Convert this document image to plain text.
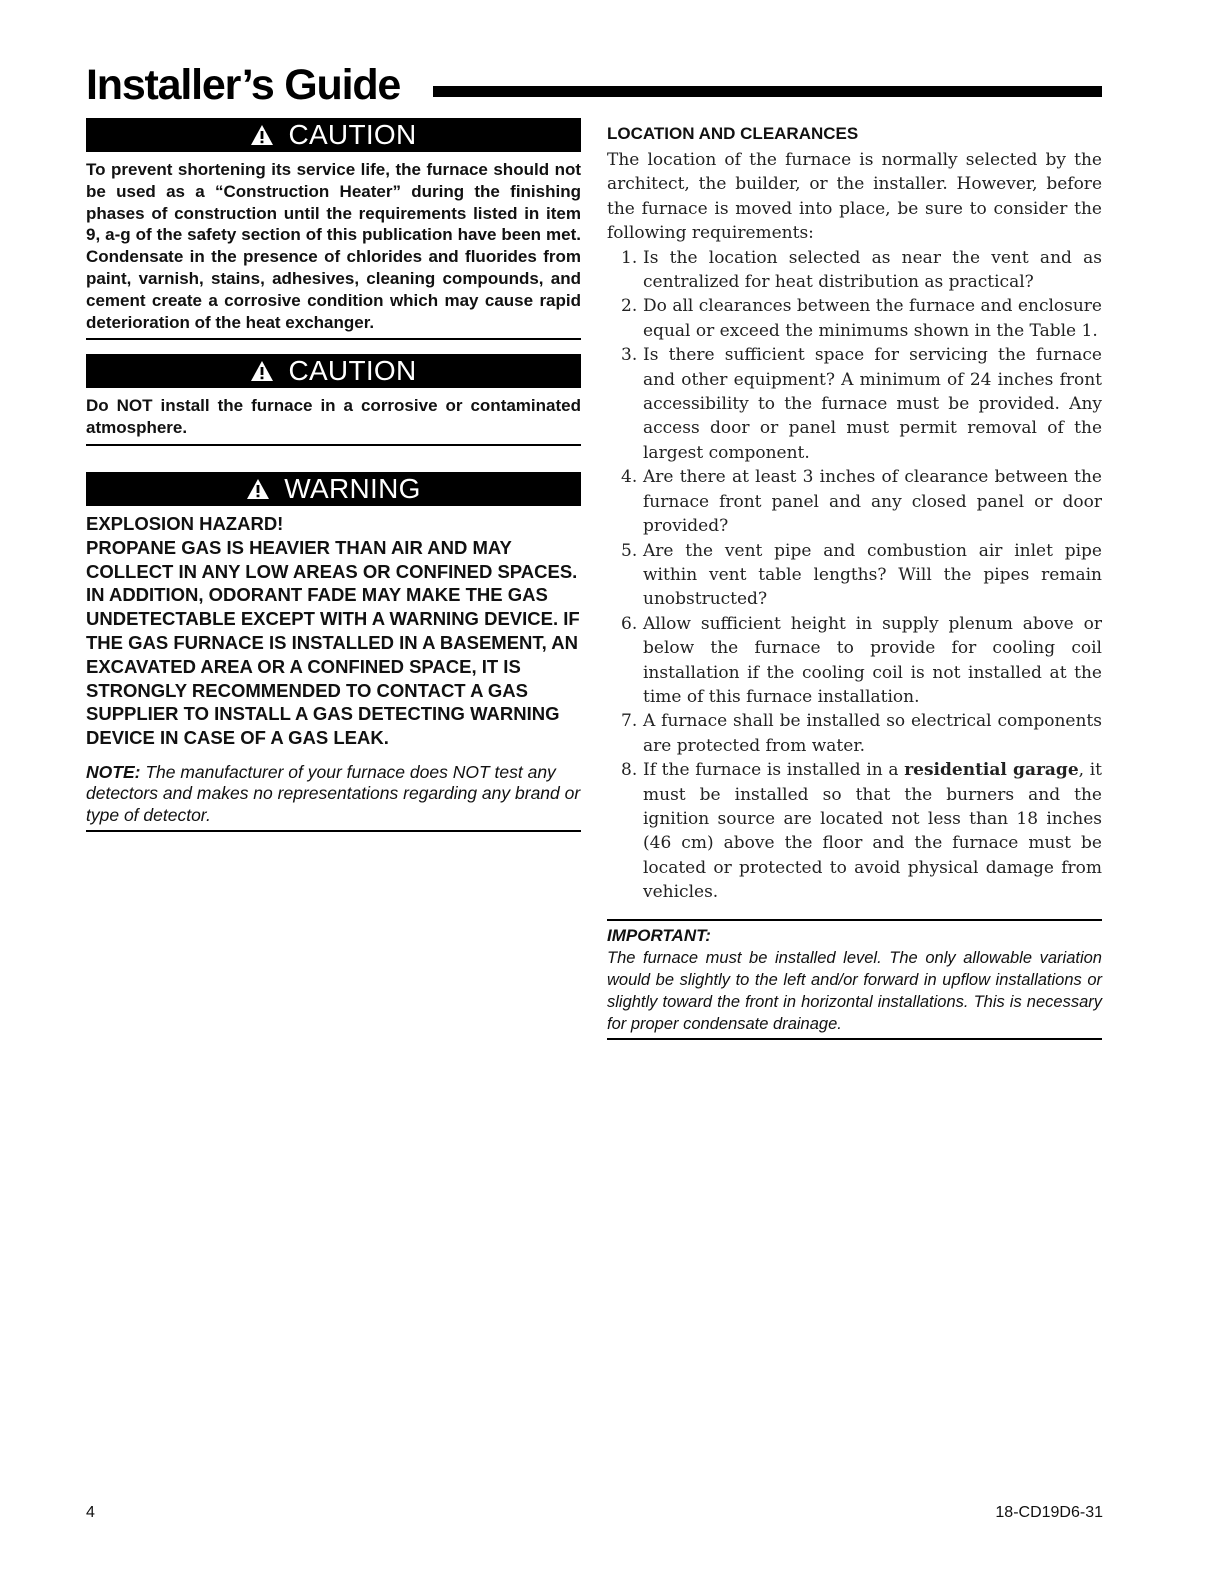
Installer’s Guide
CAUTION
To prevent shortening its service life, the furnace should not be used as a “Construction Heater” during the finishing phases of construction until the requirements listed in item 9, a-g of the safety section of this publication have been met. Condensate in the presence of chlorides and fluorides from paint, varnish, stains, adhesives, cleaning compounds, and cement create a corrosive condition which may cause rapid deterioration of the heat exchanger.
CAUTION
Do NOT install the furnace in a corrosive or contaminated atmosphere.
WARNING
EXPLOSION HAZARD!
PROPANE GAS IS HEAVIER THAN AIR AND MAY COLLECT IN ANY LOW AREAS OR CONFINED SPACES. IN ADDITION, ODORANT FADE MAY MAKE THE GAS UNDETECTABLE EXCEPT WITH A WARNING DEVICE. IF THE GAS FURNACE IS INSTALLED IN A BASEMENT, AN EXCAVATED AREA OR A CONFINED SPACE, IT IS STRONGLY RECOMMENDED TO CONTACT A GAS SUPPLIER TO INSTALL A GAS DETECTING WARNING DEVICE IN CASE OF A GAS LEAK.
NOTE: The manufacturer of your furnace does NOT test any detectors and makes no representations regarding any brand or type of detector.
LOCATION AND CLEARANCES
The location of the furnace is normally selected by the architect, the builder, or the installer. However, before the furnace is moved into place, be sure to consider the following requirements:
1. Is the location selected as near the vent and as centralized for heat distribution as practical?
2. Do all clearances between the furnace and enclosure equal or exceed the minimums shown in the Table 1.
3. Is there sufficient space for servicing the furnace and other equipment? A minimum of 24 inches front accessibility to the furnace must be provided. Any access door or panel must permit removal of the largest component.
4. Are there at least 3 inches of clearance between the furnace front panel and any closed panel or door provided?
5. Are the vent pipe and combustion air inlet pipe within vent table lengths? Will the pipes remain unobstructed?
6. Allow sufficient height in supply plenum above or below the furnace to provide for cooling coil installation if the cooling coil is not installed at the time of this furnace installation.
7. A furnace shall be installed so electrical components are protected from water.
8. If the furnace is installed in a residential garage, it must be installed so that the burners and the ignition source are located not less than 18 inches (46 cm) above the floor and the furnace must be located or protected to avoid physical damage from vehicles.
IMPORTANT:
The furnace must be installed level. The only allowable variation would be slightly to the left and/or forward in upflow installations or slightly toward the front in horizontal installations. This is necessary for proper condensate drainage.
4	18-CD19D6-31
